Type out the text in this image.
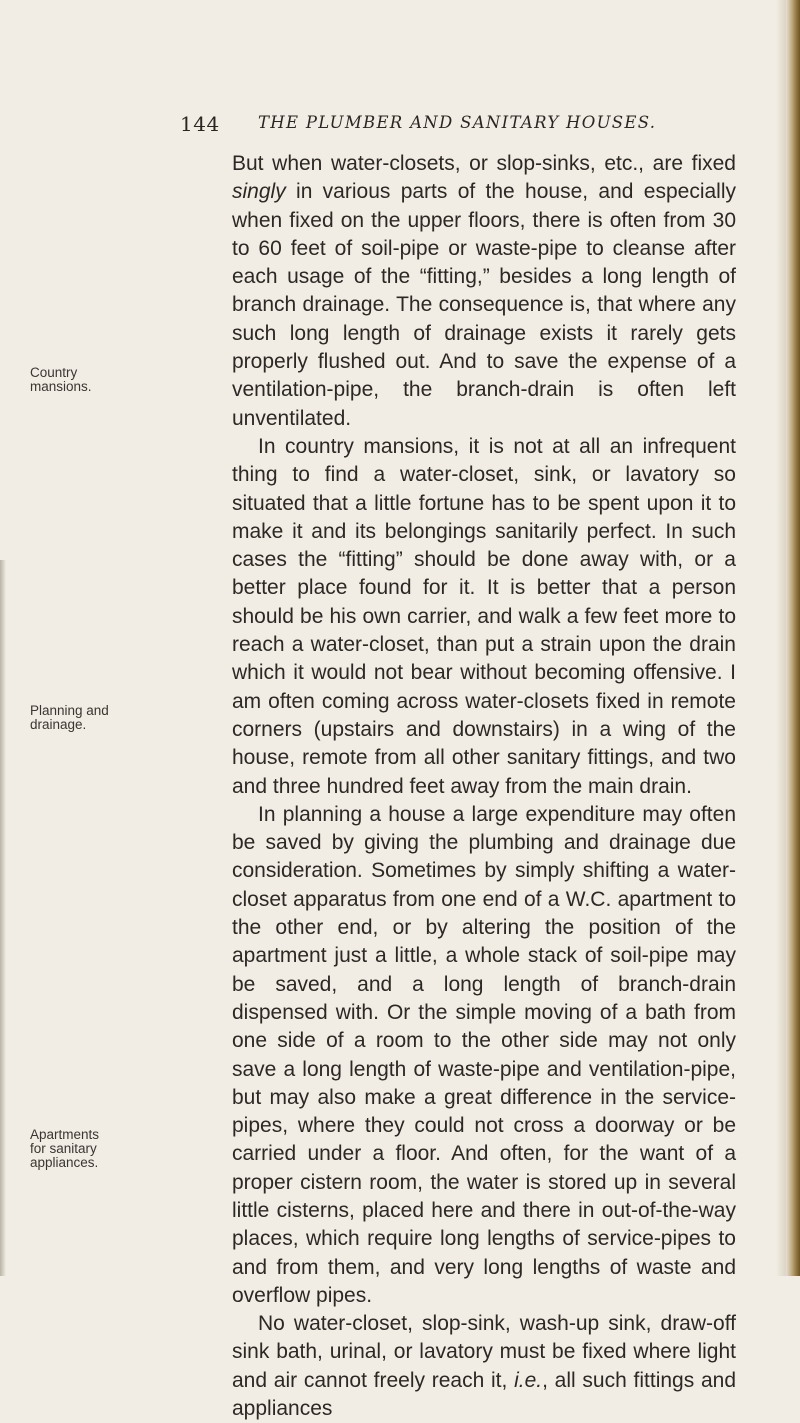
144 THE PLUMBER AND SANITARY HOUSES.
Country
mansions.
Planning and
drainage.
Apartments
for sanitary
appliances.

But when water-closets, or slop-sinks, etc., are fixed singly in various parts of the house, and especially when fixed on the upper floors, there is often from 30 to 60 feet of soil-pipe or waste-pipe to cleanse after each usage of the “fitting,” besides a long length of branch drainage. The consequence is, that where any such long length of drainage exists it rarely gets properly flushed out. And to save the expense of a ventilation-pipe, the branch-drain is often left unventilated.

In country mansions, it is not at all an infrequent thing to find a water-closet, sink, or lavatory so situated that a little fortune has to be spent upon it to make it and its belongings sanitarily perfect. In such cases the “fitting” should be done away with, or a better place found for it. It is better that a person should be his own carrier, and walk a few feet more to reach a water-closet, than put a strain upon the drain which it would not bear without becoming offensive. I am often coming across water-closets fixed in remote corners (upstairs and downstairs) in a wing of the house, remote from all other sanitary fittings, and two and three hundred feet away from the main drain.

In planning a house a large expenditure may often be saved by giving the plumbing and drainage due consideration. Sometimes by simply shifting a water-closet apparatus from one end of a W.C. apartment to the other end, or by altering the position of the apartment just a little, a whole stack of soil-pipe may be saved, and a long length of branch-drain dispensed with. Or the simple moving of a bath from one side of a room to the other side may not only save a long length of waste-pipe and ventilation-pipe, but may also make a great difference in the service-pipes, where they could not cross a doorway or be carried under a floor. And often, for the want of a proper cistern room, the water is stored up in several little cisterns, placed here and there in out-of-the-way places, which require long lengths of service-pipes to and from them, and very long lengths of waste and overflow pipes.

No water-closet, slop-sink, wash-up sink, draw-off sink bath, urinal, or lavatory must be fixed where light and air cannot freely reach it, i.e., all such fittings and appliances
